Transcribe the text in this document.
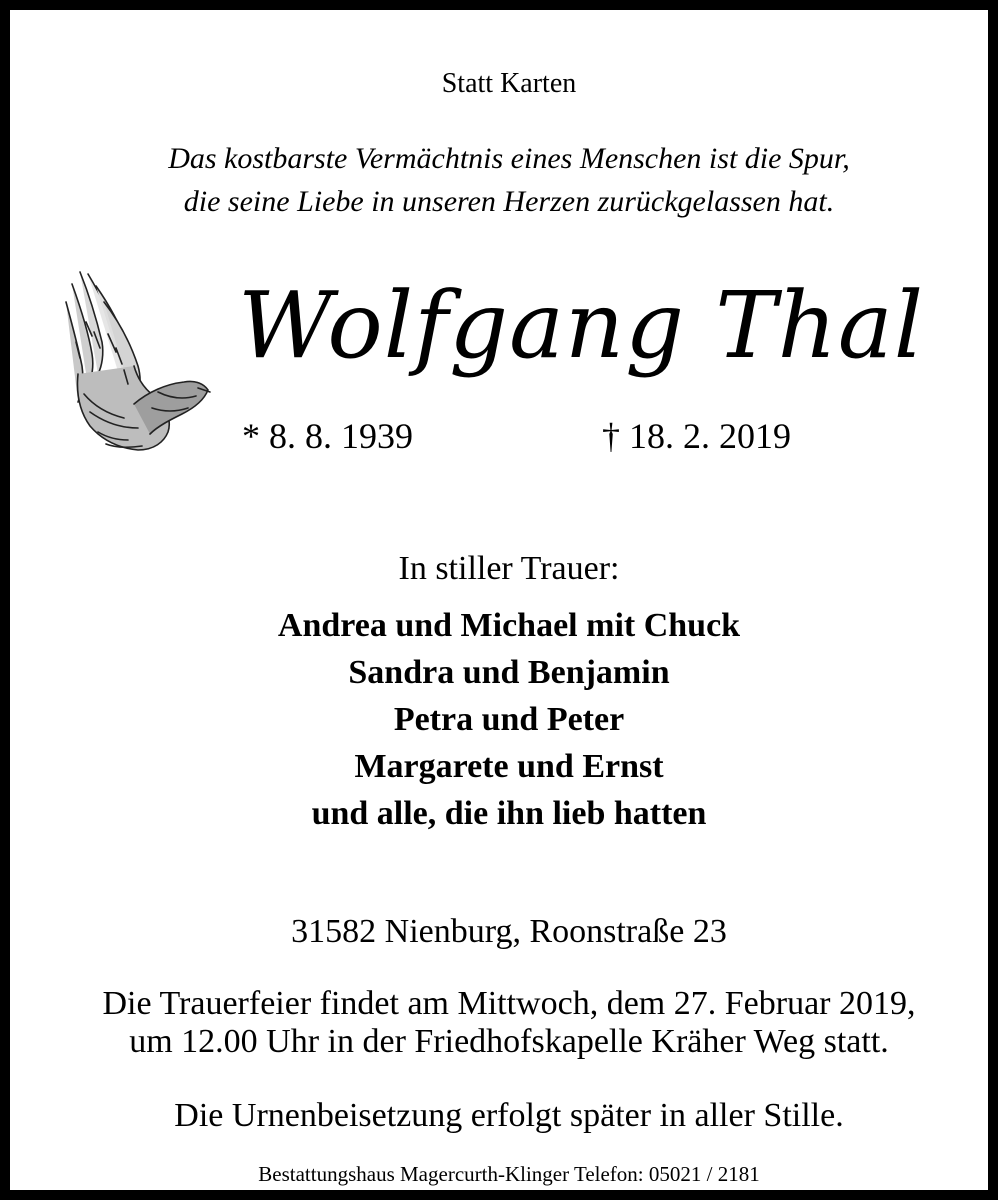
Statt Karten

Das kostbarste Vermächtnis eines Menschen ist die Spur,
die seine Liebe in unseren Herzen zurückgelassen hat.

Wolfgang Thal

* 8. 8. 1939	† 18. 2. 2019

In stiller Trauer:

Andrea und Michael mit Chuck
Sandra und Benjamin
Petra und Peter
Margarete und Ernst
und alle, die ihn lieb hatten

31582 Nienburg, Roonstraße 23

Die Trauerfeier findet am Mittwoch, dem 27. Februar 2019,
um 12.00 Uhr in der Friedhofskapelle Kräher Weg statt.

Die Urnenbeisetzung erfolgt später in aller Stille.

Bestattungshaus Magercurth-Klinger Telefon: 05021 / 2181
